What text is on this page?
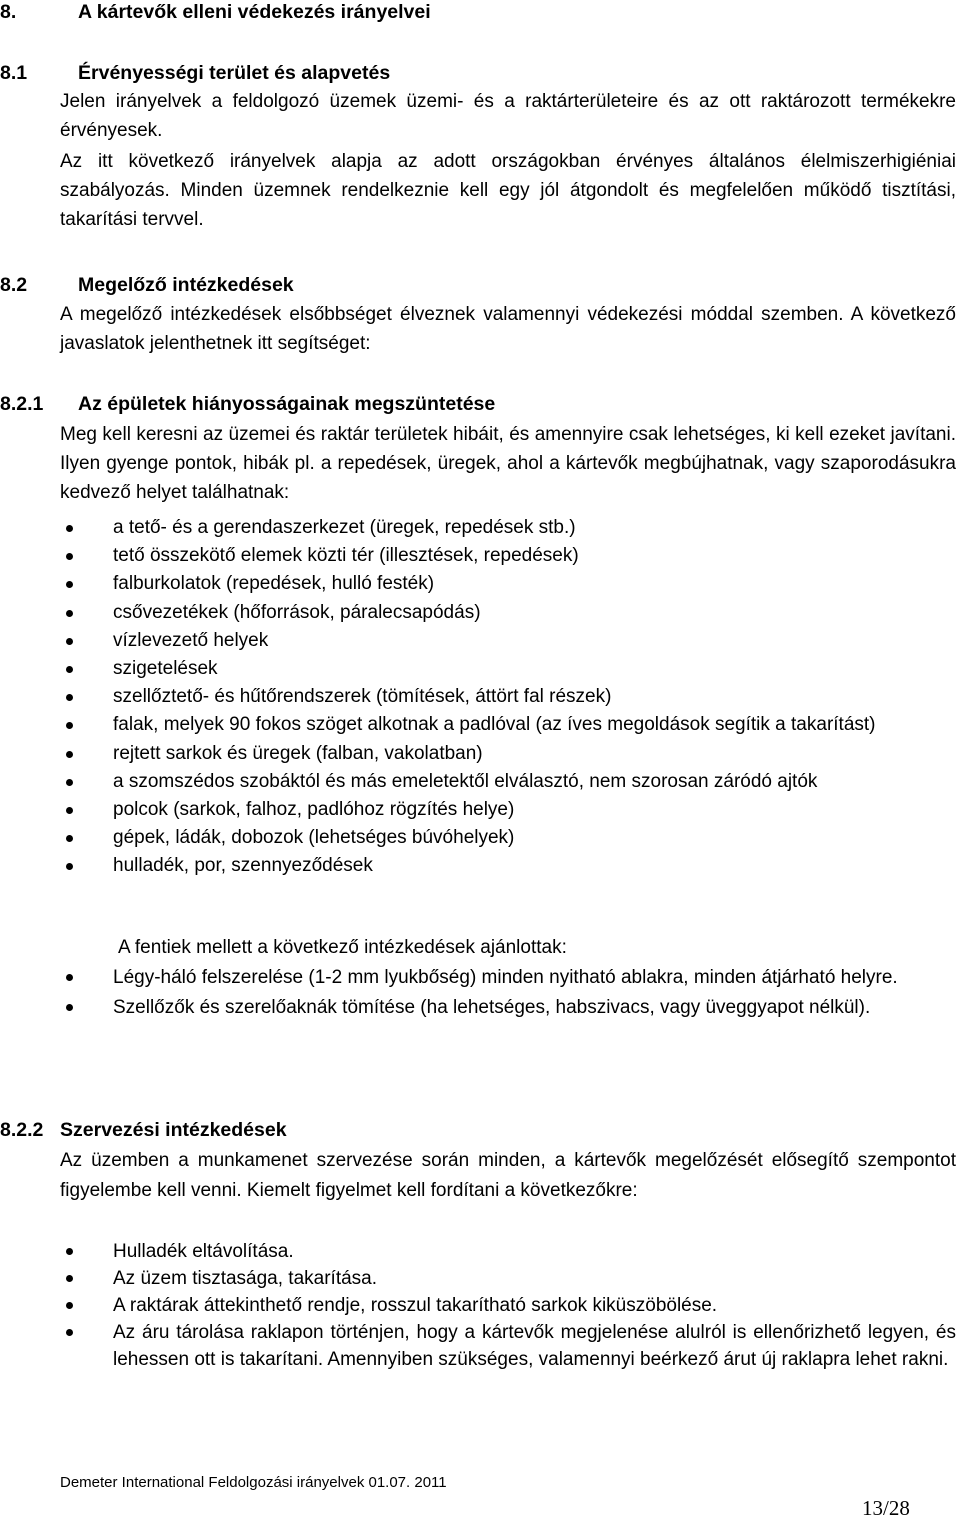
8.	A kártevők elleni védekezés irányelvei
8.1	Érvényességi terület és alapvetés
Jelen irányelvek a feldolgozó üzemek üzemi- és a raktárterületeire és az ott raktározott termékekre érvényesek.
Az itt következő irányelvek alapja az adott országokban érvényes általános élelmiszerhigiéniai szabályozás. Minden üzemnek rendelkeznie kell egy jól átgondolt és megfelelően működő tisztítási, takarítási tervvel.
8.2	Megelőző intézkedések
A megelőző intézkedések elsőbbséget élveznek valamennyi védekezési móddal szemben. A következő javaslatok jelenthetnek itt segítséget:
8.2.1 Az épületek hiányosságainak megszüntetése
Meg kell keresni az üzemei és raktár területek hibáit, és amennyire csak lehetséges, ki kell ezeket javítani. Ilyen gyenge pontok, hibák pl. a repedések, üregek, ahol a kártevők megbújhatnak, vagy szaporodásukra kedvező helyet találhatnak:
a tető- és a gerendaszerkezet (üregek, repedések stb.)
tető összekötő elemek közti tér (illesztések, repedések)
falburkolatok (repedések, hulló festék)
csővezetékek (hőforrások, páralecsapódás)
vízlevezető helyek
szigetelések
szellőztető- és hűtőrendszerek (tömítések, áttört fal részek)
falak, melyek 90 fokos szöget alkotnak a padlóval (az íves megoldások segítik a takarítást)
rejtett sarkok és üregek (falban, vakolatban)
a szomszédos szobáktól és más emeletektől elválasztó, nem szorosan záródó ajtók
polcok (sarkok, falhoz, padlóhoz rögzítés helye)
gépek, ládák, dobozok (lehetséges búvóhelyek)
hulladék, por, szennyeződések
A fentiek mellett a következő intézkedések ajánlottak:
Légy-háló felszerelése (1-2 mm lyukbőség) minden nyitható ablakra, minden átjárható helyre.
Szellőzők és szerelőaknák tömítése (ha lehetséges, habszivacs, vagy üveggyapot nélkül).
8.2.2 Szervezési intézkedések
Az üzemben a munkamenet szervezése során minden, a kártevők megelőzését elősegítő szempontot figyelembe kell venni. Kiemelt figyelmet kell fordítani a következőkre:
Hulladék eltávolítása.
Az üzem tisztasága, takarítása.
A raktárak áttekinthető rendje, rosszul takarítható sarkok kiküszöbölése.
Az áru tárolása raklapon történjen, hogy a kártevők megjelenése alulról is ellenőrizhető legyen, és lehessen ott is takarítani. Amennyiben szükséges, valamennyi beérkező árut új raklapra lehet rakni.
Demeter International Feldolgozási irányelvek 01.07. 2011
13/28
